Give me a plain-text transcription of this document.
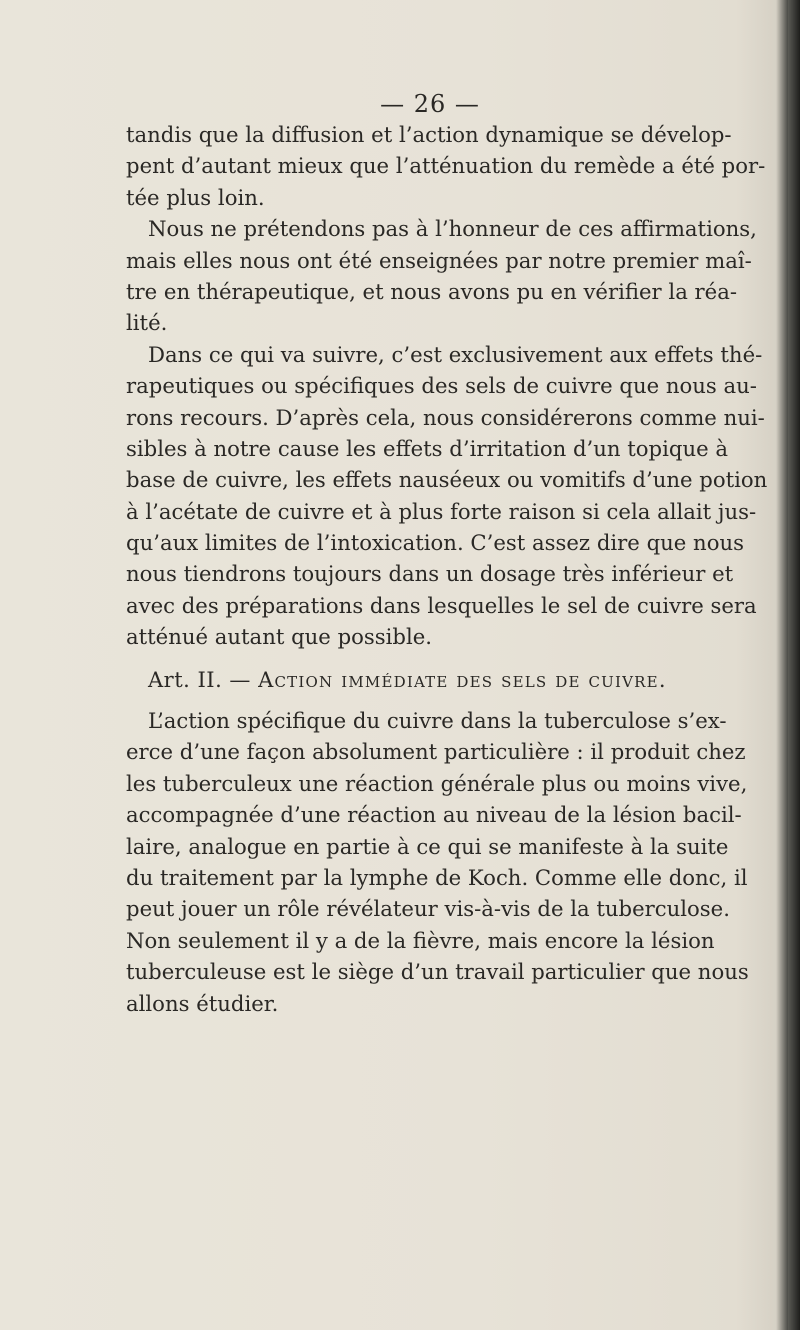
— 26 —
tandis que la diffusion et l’action dynamique se dévelop-
pent d’autant mieux que l’atténuation du remède a été por-
tée plus loin.
Nous ne prétendons pas à l’honneur de ces affirmations,
mais elles nous ont été enseignées par notre premier maî-
tre en thérapeutique, et nous avons pu en vérifier la réa-
lité.
Dans ce qui va suivre, c’est exclusivement aux effets thé-
rapeutiques ou spécifiques des sels de cuivre que nous au-
rons recours. D’après cela, nous considérerons comme nui-
sibles à notre cause les effets d’irritation d’un topique à
base de cuivre, les effets nauséeux ou vomitifs d’une potion
à l’acétate de cuivre et à plus forte raison si cela allait jus-
qu’aux limites de l’intoxication. C’est assez dire que nous
nous tiendrons toujours dans un dosage très inférieur et
avec des préparations dans lesquelles le sel de cuivre sera
atténué autant que possible.
Art. II. — Action immédiate des sels de cuivre.
L’action spécifique du cuivre dans la tuberculose s’ex-
erce d’une façon absolument particulière : il produit chez
les tuberculeux une réaction générale plus ou moins vive,
accompagnée d’une réaction au niveau de la lésion bacil-
laire, analogue en partie à ce qui se manifeste à la suite
du traitement par la lymphe de Koch. Comme elle donc, il
peut jouer un rôle révélateur vis-à-vis de la tuberculose.
Non seulement il y a de la fièvre, mais encore la lésion
tuberculeuse est le siège d’un travail particulier que nous
allons étudier.
